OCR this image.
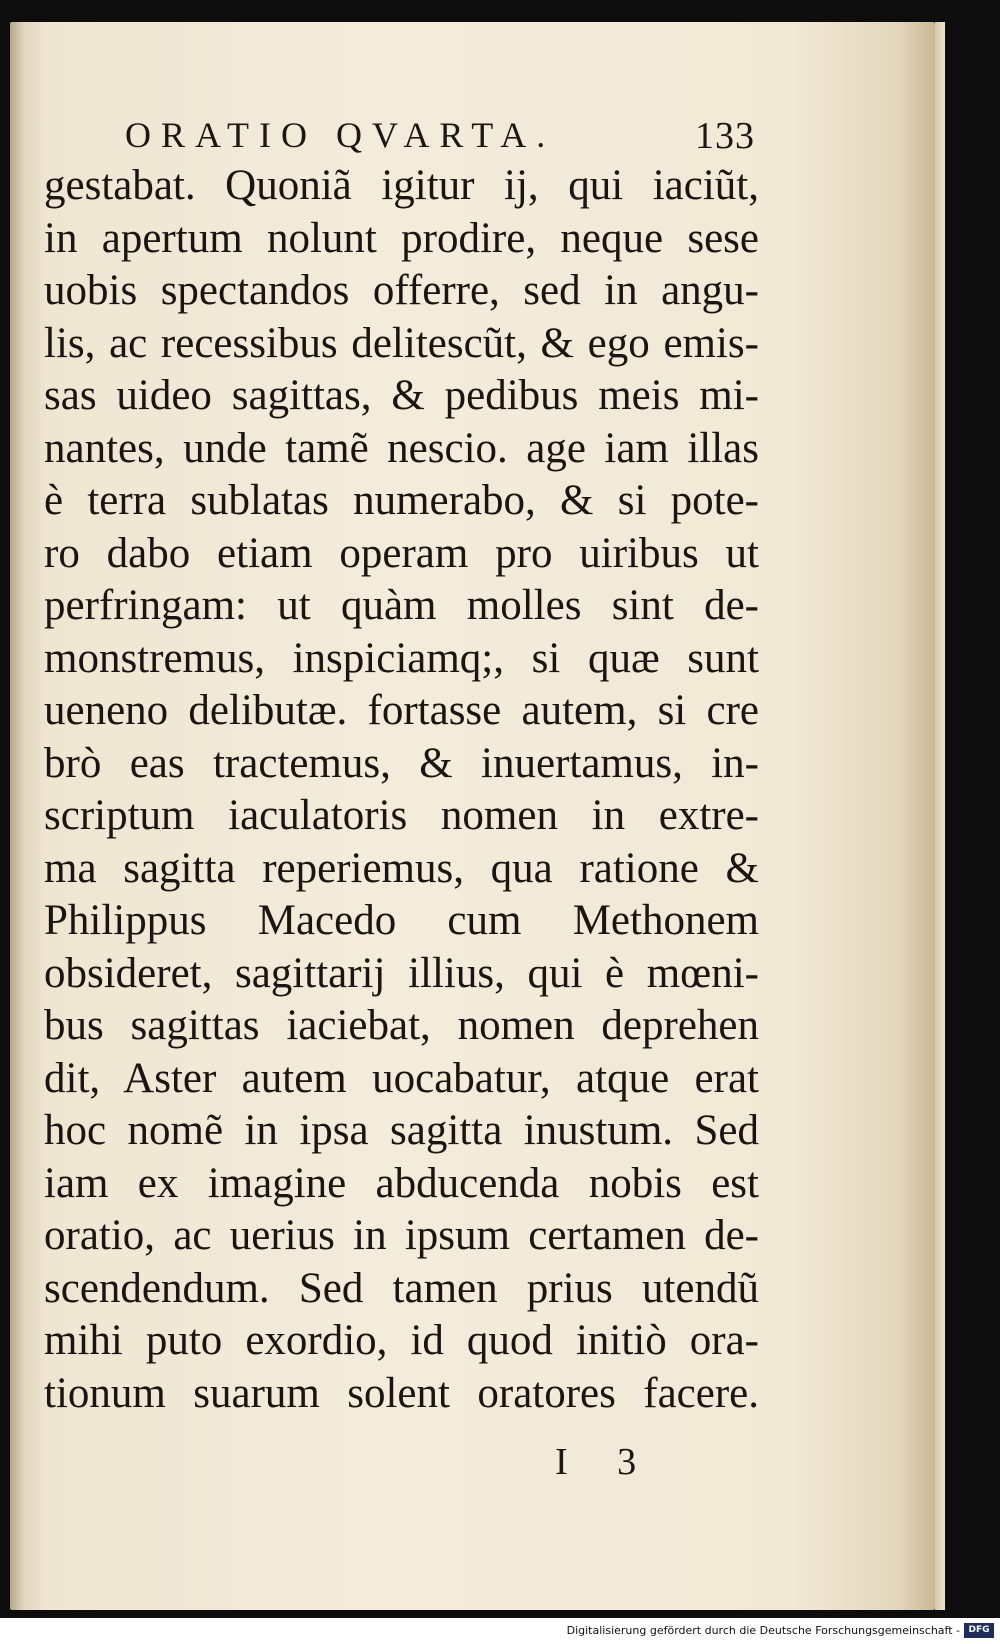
ORATIO QVARTA.	133
gestabat. Quoniã igitur ij, qui iaciũt,
in apertum nolunt prodire, neque sese
uobis spectandos offerre, sed in angu-
lis, ac recessibus delitescũt, & ego emis-
sas uideo sagittas, & pedibus meis mi-
nantes, unde tamẽ nescio. age iam illas
è terra sublatas numerabo, & si pote-
ro dabo etiam operam pro uiribus ut
perfringam: ut quàm molles sint de-
monstremus, inspiciamq;, si quæ sunt
ueneno delibutæ. fortasse autem, si cre
brò eas tractemus, & inuertamus, in-
scriptum iaculatoris nomen in extre-
ma sagitta reperiemus, qua ratione &
Philippus Macedo cum Methonem
obsideret, sagittarij illius, qui è mœni-
bus sagittas iaciebat, nomen deprehen
dit, Aster autem uocabatur, atque erat
hoc nomẽ in ipsa sagitta inustum. Sed
iam ex imagine abducenda nobis est
oratio, ac uerius in ipsum certamen de-
scendendum. Sed tamen prius utendũ
mihi puto exordio, id quod initiò ora-
tionum suarum solent oratores facere.
I 3
Digitalisierung gefördert durch die Deutsche Forschungsgemeinschaft - DFG
